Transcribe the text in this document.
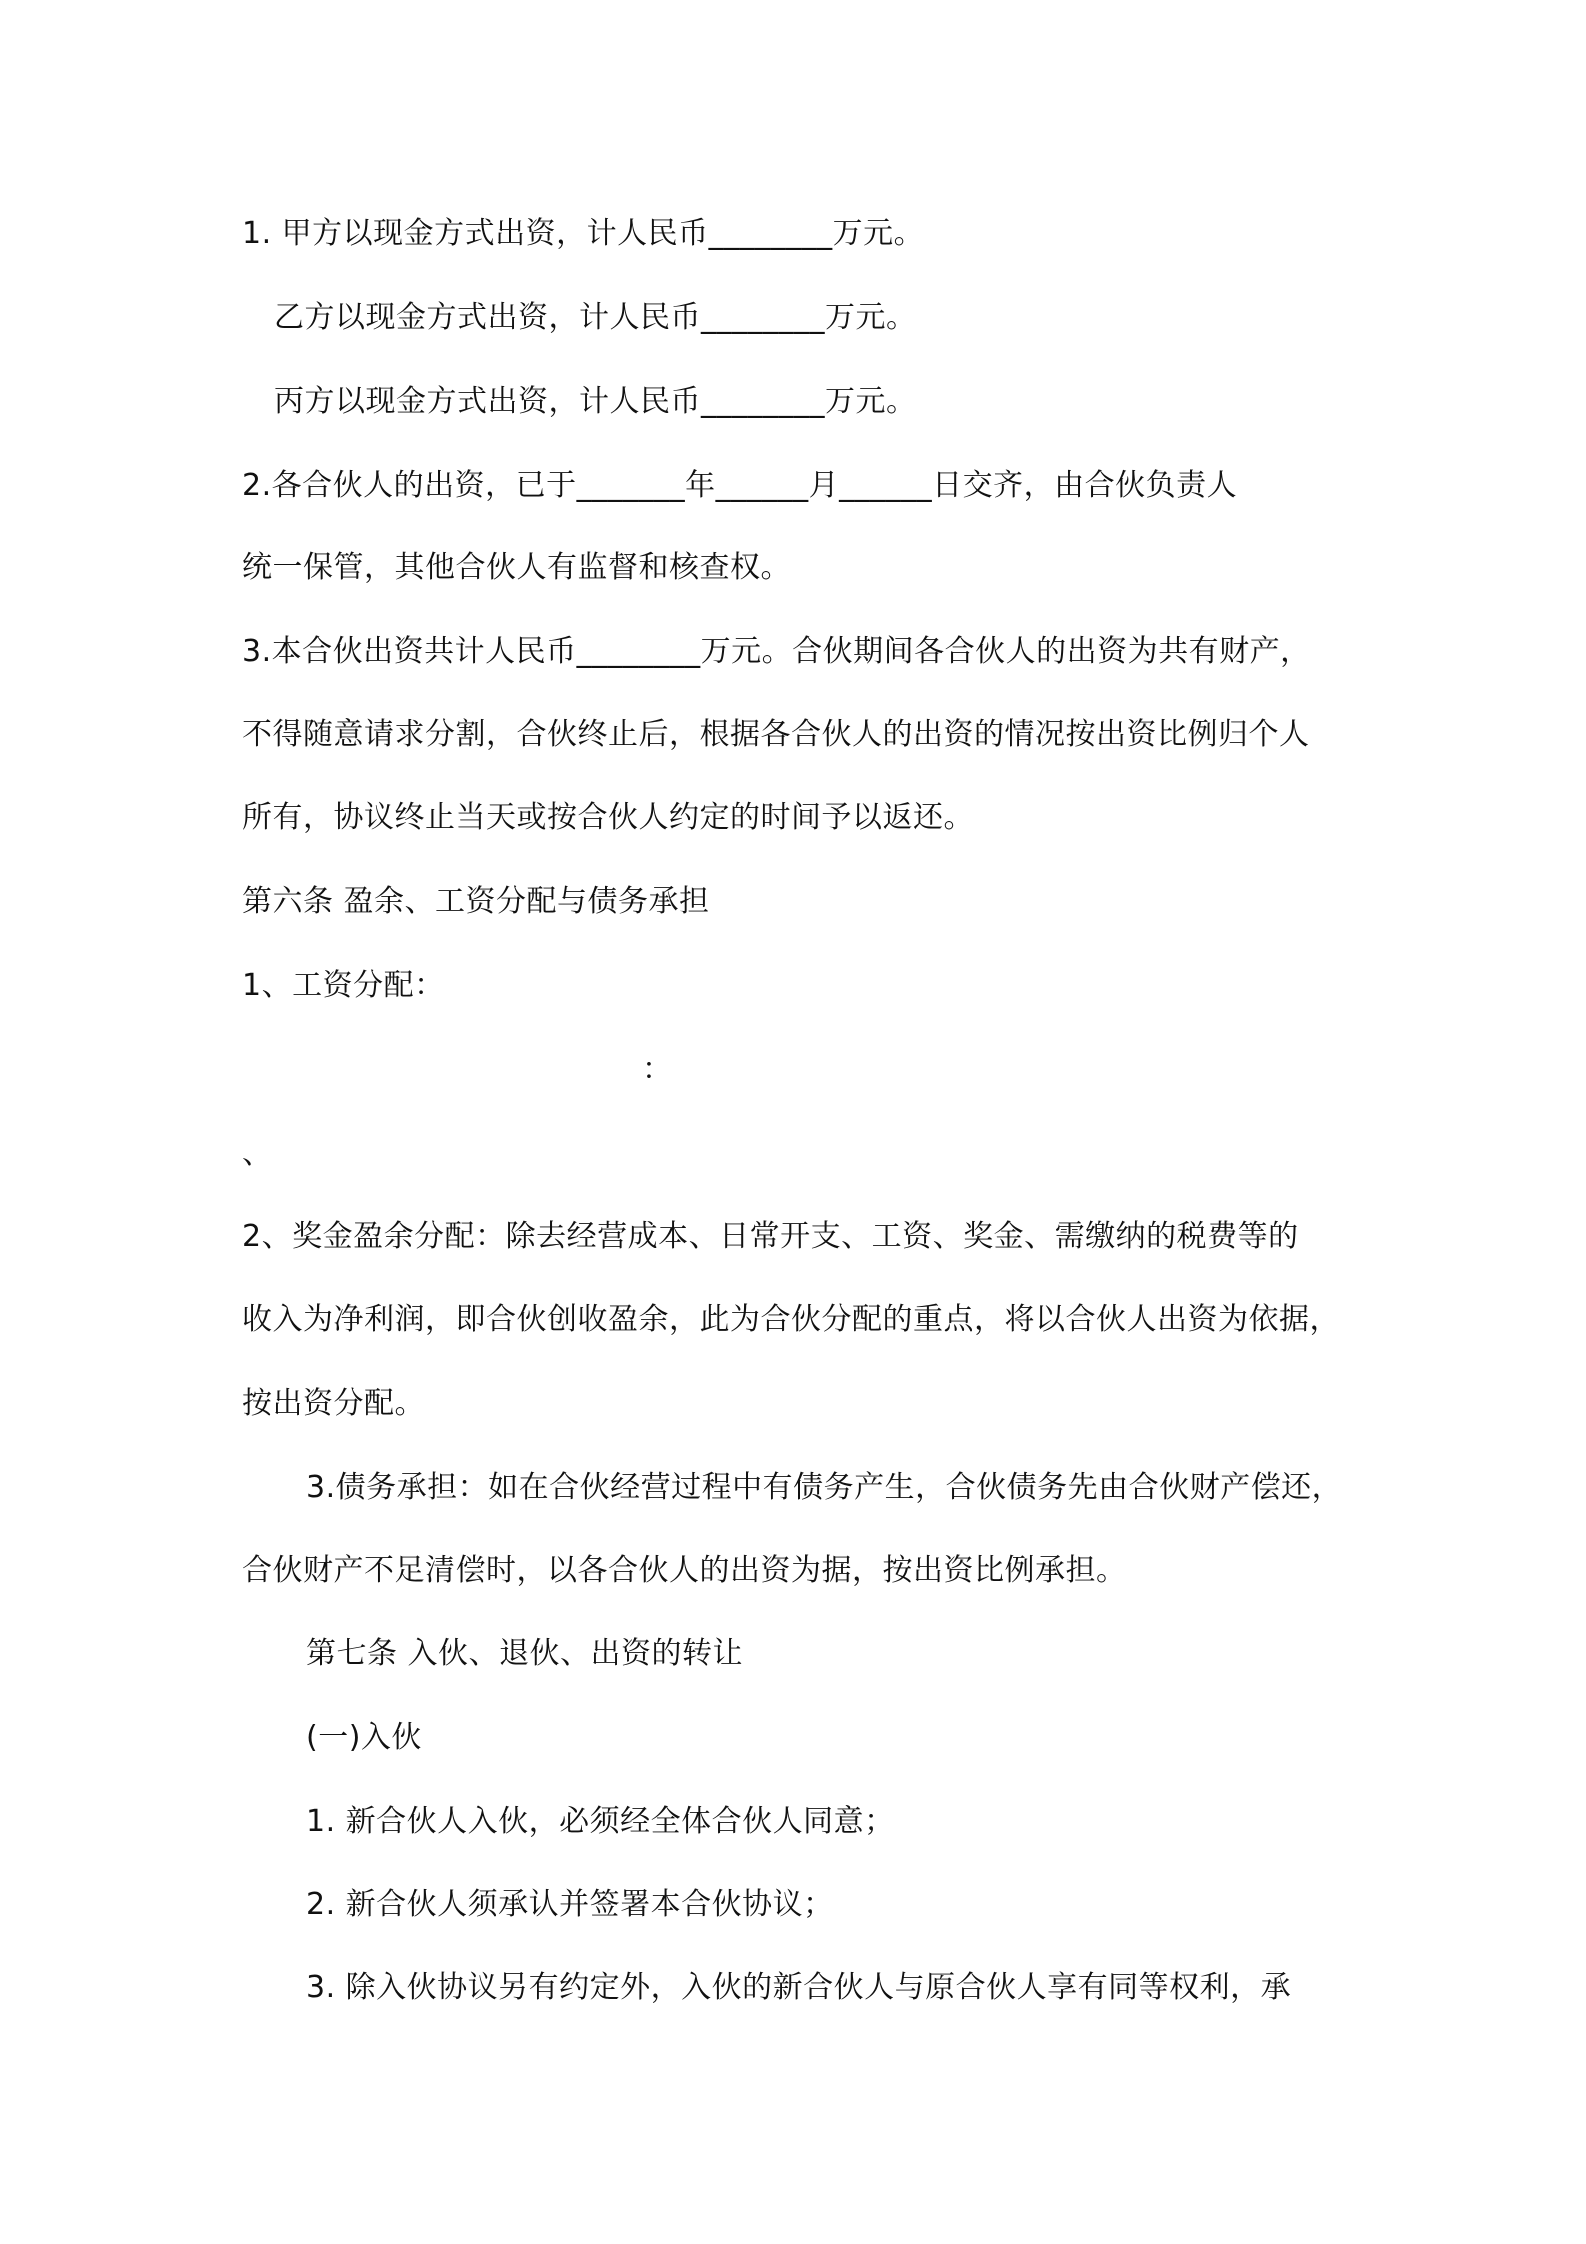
1. 甲方以现金方式出资，计人民币________万元。
乙方以现金方式出资，计人民币________万元。
丙方以现金方式出资，计人民币________万元。
2.各合伙人的出资，已于_______年______月______日交齐，由合伙负责人
统一保管，其他合伙人有监督和核查权。
3.本合伙出资共计人民币________万元。合伙期间各合伙人的出资为共有财产，
不得随意请求分割，合伙终止后，根据各合伙人的出资的情况按出资比例归个人
所有，协议终止当天或按合伙人约定的时间予以返还。
第六条 盈余、工资分配与债务承担
1、工资分配：
：
、
2、奖金盈余分配：除去经营成本、日常开支、工资、奖金、需缴纳的税费等的
收入为净利润，即合伙创收盈余，此为合伙分配的重点，将以合伙人出资为依据，
按出资分配。
3.债务承担：如在合伙经营过程中有债务产生，合伙债务先由合伙财产偿还，
合伙财产不足清偿时，以各合伙人的出资为据，按出资比例承担。
第七条 入伙、退伙、出资的转让
(一)入伙
1. 新合伙人入伙，必须经全体合伙人同意；
2. 新合伙人须承认并签署本合伙协议；
3. 除入伙协议另有约定外，入伙的新合伙人与原合伙人享有同等权利，承
